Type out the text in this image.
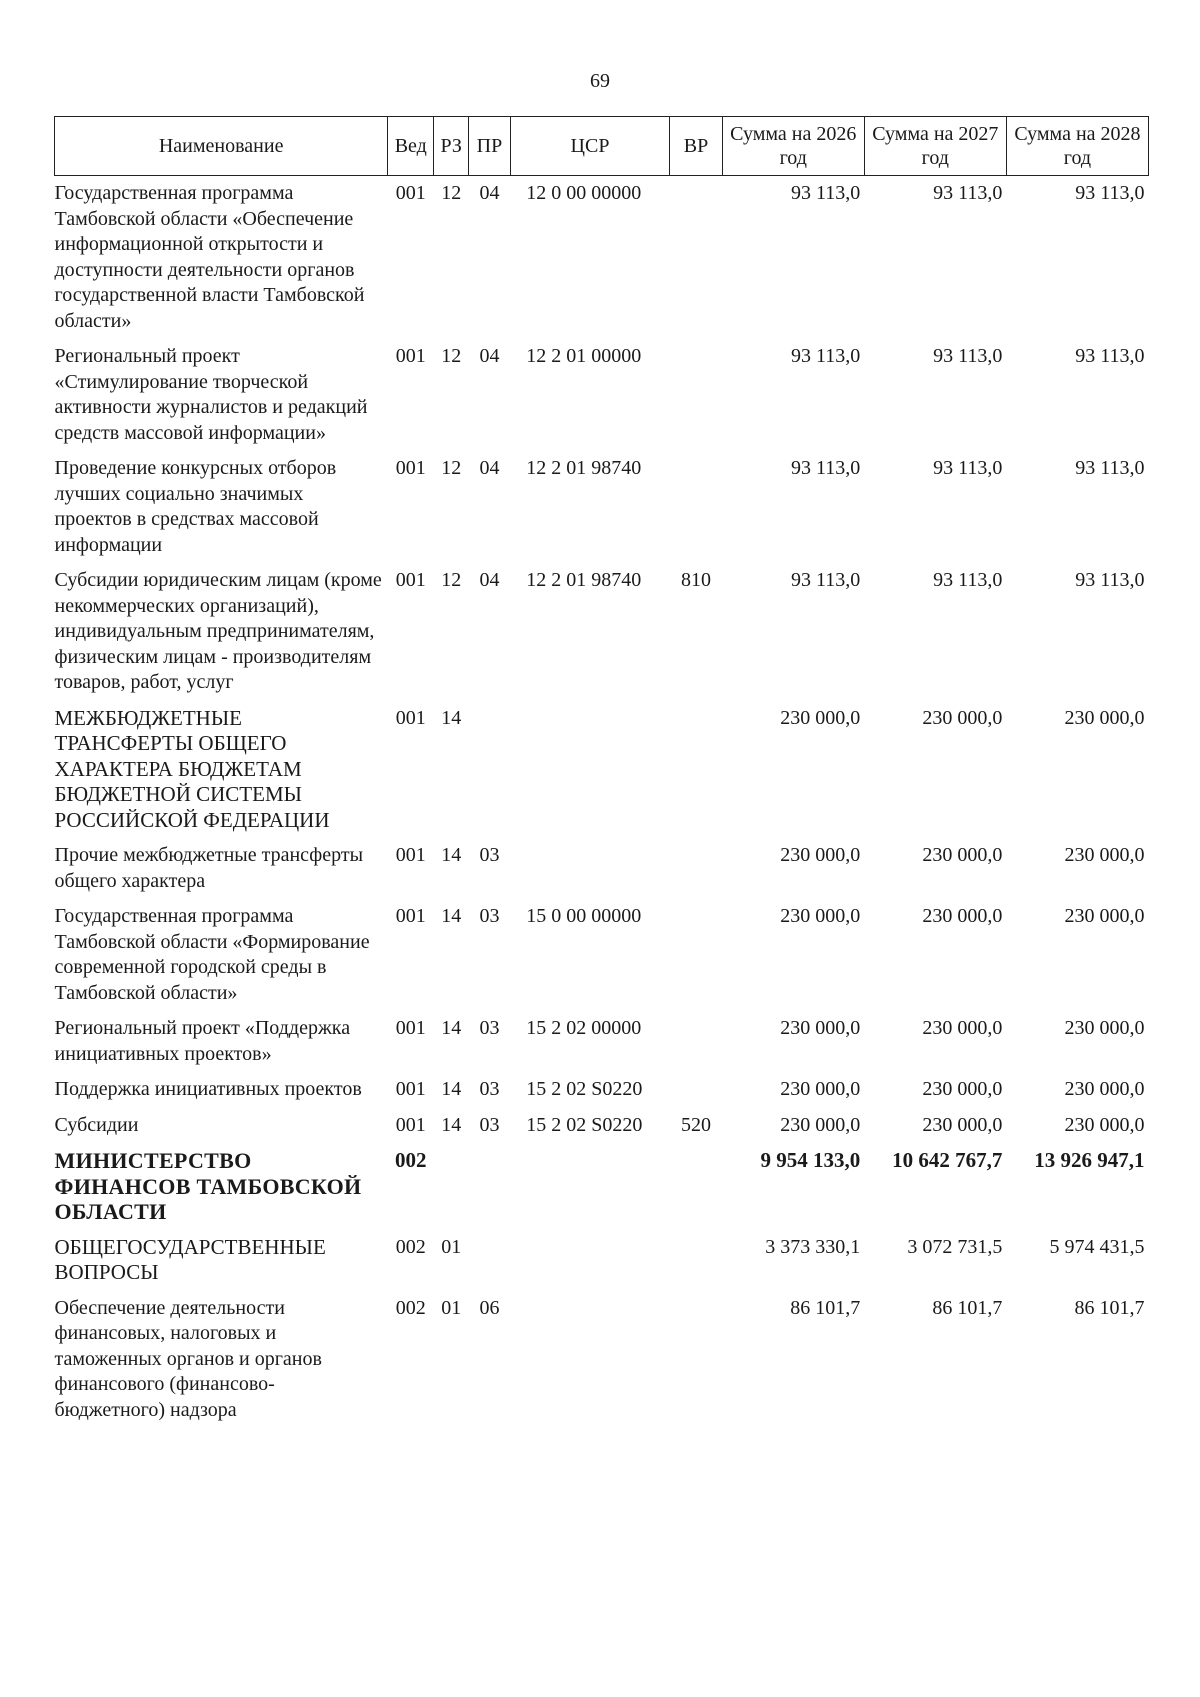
69
Наименование	Вед	РЗ	ПР	ЦСР	ВР	Сумма на 2026 год	Сумма на 2027 год	Сумма на 2028 год
Государственная программа Тамбовской области «Обеспечение информационной открытости и доступности деятельности органов государственной власти Тамбовской области»	001	12	04	12 0 00 00000		93 113,0	93 113,0	93 113,0
Региональный проект «Стимулирование творческой активности журналистов и редакций средств массовой информации»	001	12	04	12 2 01 00000		93 113,0	93 113,0	93 113,0
Проведение конкурсных отборов лучших социально значимых проектов в средствах массовой информации	001	12	04	12 2 01 98740		93 113,0	93 113,0	93 113,0
Субсидии юридическим лицам (кроме некоммерческих организаций), индивидуальным предпринимателям, физическим лицам - производителям товаров, работ, услуг	001	12	04	12 2 01 98740	810	93 113,0	93 113,0	93 113,0
МЕЖБЮДЖЕТНЫЕ ТРАНСФЕРТЫ ОБЩЕГО ХАРАКТЕРА БЮДЖЕТАМ БЮДЖЕТНОЙ СИСТЕМЫ РОССИЙСКОЙ ФЕДЕРАЦИИ	001	14				230 000,0	230 000,0	230 000,0
Прочие межбюджетные трансферты общего характера	001	14	03			230 000,0	230 000,0	230 000,0
Государственная программа Тамбовской области «Формирование современной городской среды в Тамбовской области»	001	14	03	15 0 00 00000		230 000,0	230 000,0	230 000,0
Региональный проект «Поддержка инициативных проектов»	001	14	03	15 2 02 00000		230 000,0	230 000,0	230 000,0
Поддержка инициативных проектов	001	14	03	15 2 02 S0220		230 000,0	230 000,0	230 000,0
Субсидии	001	14	03	15 2 02 S0220	520	230 000,0	230 000,0	230 000,0
МИНИСТЕРСТВО ФИНАНСОВ ТАМБОВСКОЙ ОБЛАСТИ	002					9 954 133,0	10 642 767,7	13 926 947,1
ОБЩЕГОСУДАРСТВЕННЫЕ ВОПРОСЫ	002	01				3 373 330,1	3 072 731,5	5 974 431,5
Обеспечение деятельности финансовых, налоговых и таможенных органов и органов финансового (финансово-бюджетного) надзора	002	01	06			86 101,7	86 101,7	86 101,7
